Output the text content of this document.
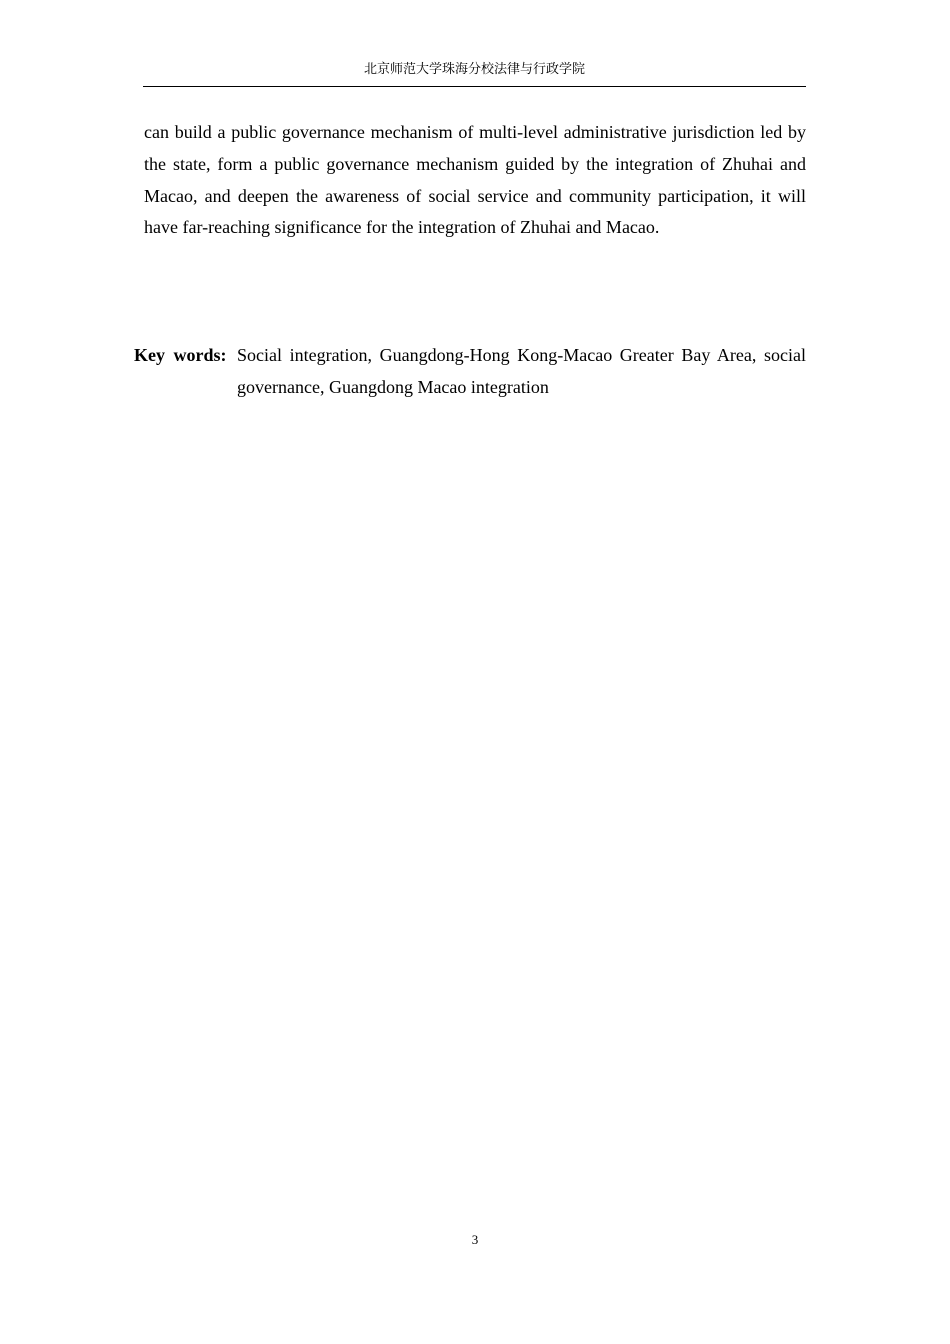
北京师范大学珠海分校法律与行政学院

can build a public governance mechanism of multi-level administrative jurisdiction led by the state, form a public governance mechanism guided by the integration of Zhuhai and Macao, and deepen the awareness of social service and community participation, it will have far-reaching significance for the integration of Zhuhai and Macao.

Key words: Social integration, Guangdong-Hong Kong-Macao Greater Bay Area, social governance, Guangdong Macao integration
3
